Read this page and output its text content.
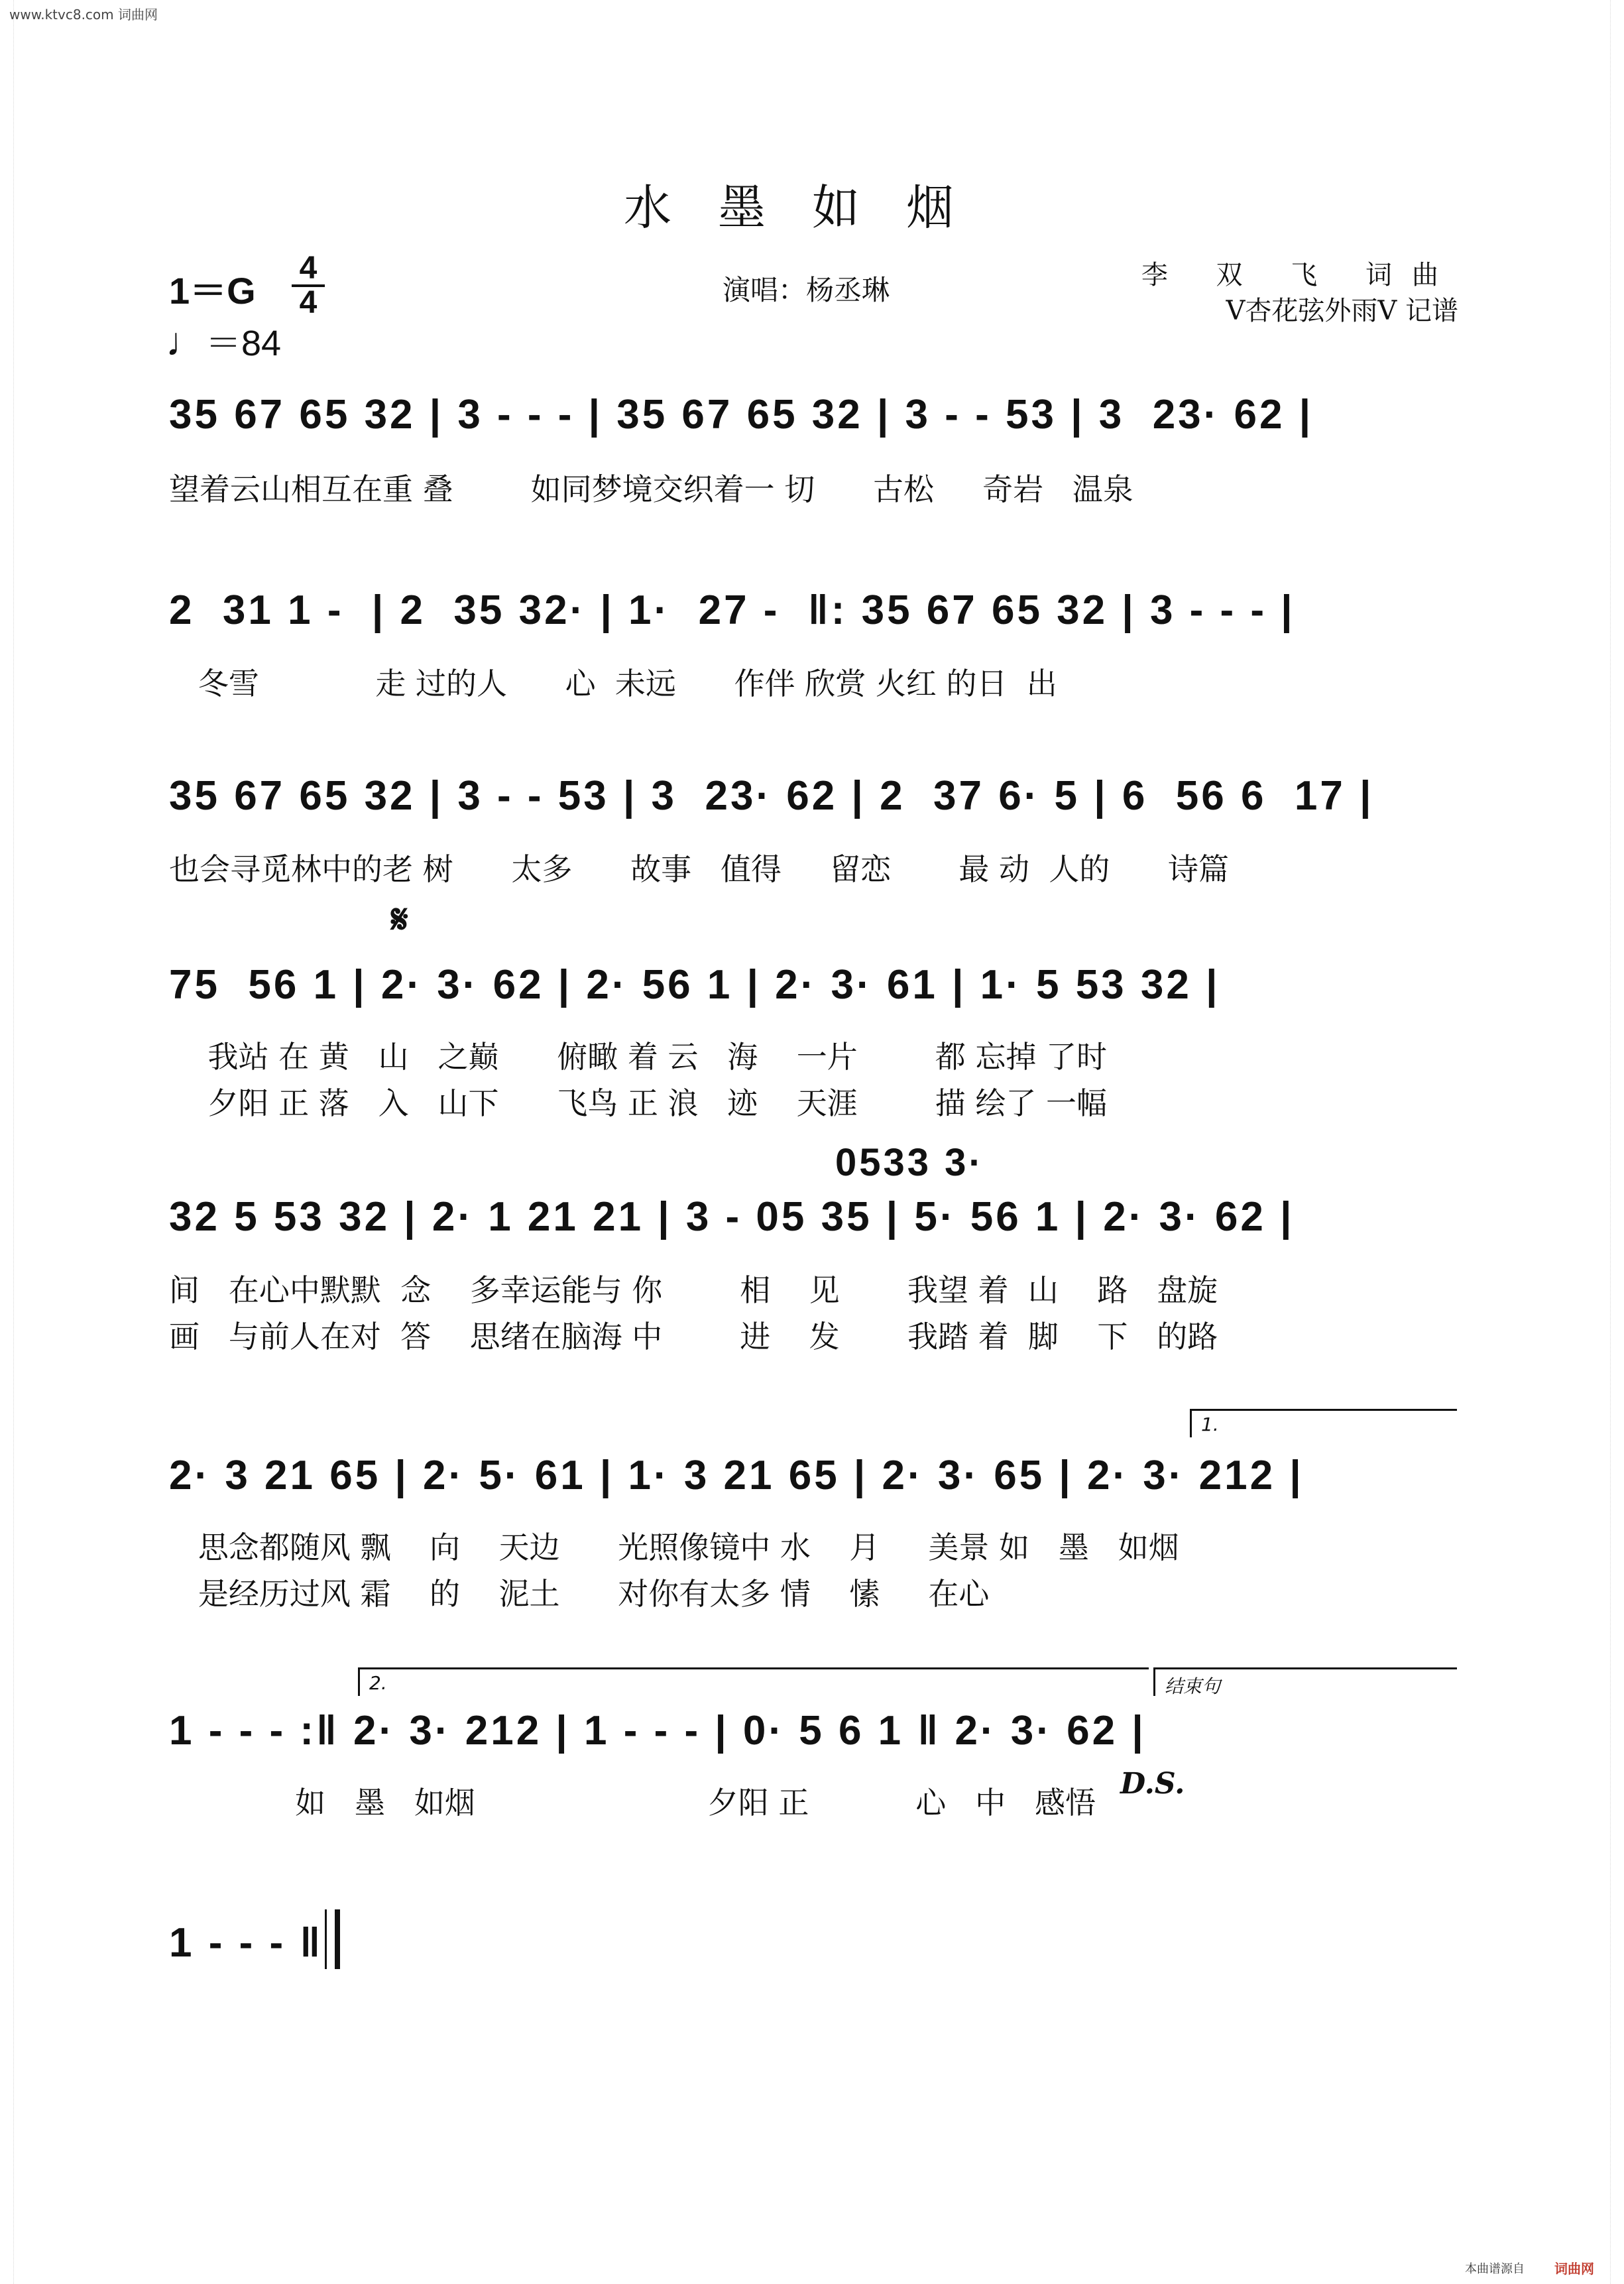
www.ktvc8.com 词曲网
水墨如烟
1＝G
4
4
♩＝84
演唱：杨丞琳	李 双 飞 词曲
V杏花弦外雨V 记谱
35 67 65 32 | 3 - - - | 35 67 65 32 | 3 - - 53 | 3  23· 62 |
望着云山相互在重 叠        如同梦境交织着一 切      古松     奇岩   温泉
2  31 1 -  | 2  35 32· | 1·  27 -  ‖: 35 67 65 32 | 3 - - - |
冬雪            走 过的人      心  未远      作伴 欣赏 火红 的日  出
35 67 65 32 | 3 - - 53 | 3  23· 62 | 2  37 6· 5 | 6  56 6  17 |
也会寻觅林中的老 树      太多      故事   值得     留恋       最 动  人的      诗篇
𝄋
75  56 1 | 2· 3· 62 | 2· 56 1 | 2· 3· 61 | 1· 5 53 32 |
我站 在 黄   山   之巅      俯瞰 着 云   海    一片        都 忘掉 了时
夕阳 正 落   入   山下      飞鸟 正 浪   迹    天涯        描 绘了 一幅
0533 3·
32 5 53 32 | 2· 1 21 21 | 3 - 05 35 | 5· 56 1 | 2· 3· 62 |
间   在心中默默  念    多幸运能与 你        相    见       我望 着  山    路   盘旋
画   与前人在对  答    思绪在脑海 中        进    发       我踏 着  脚    下   的路
1.
2· 3 21 65 | 2· 5· 61 | 1· 3 21 65 | 2· 3· 65 | 2· 3· 212 |
思念都随风 飘    向    天边      光照像镜中 水    月     美景 如   墨   如烟
是经历过风 霜    的    泥土      对你有太多 情    愫     在心
2.	结束句
1 - - - :‖ 2· 3· 212 | 1 - - - | 0· 5 6 1 ‖ 2· 3· 62 |
如   墨   如烟                        夕阳 正           心   中   感悟
D.S.
1 - - - ‖
本曲谱源自 词曲网
